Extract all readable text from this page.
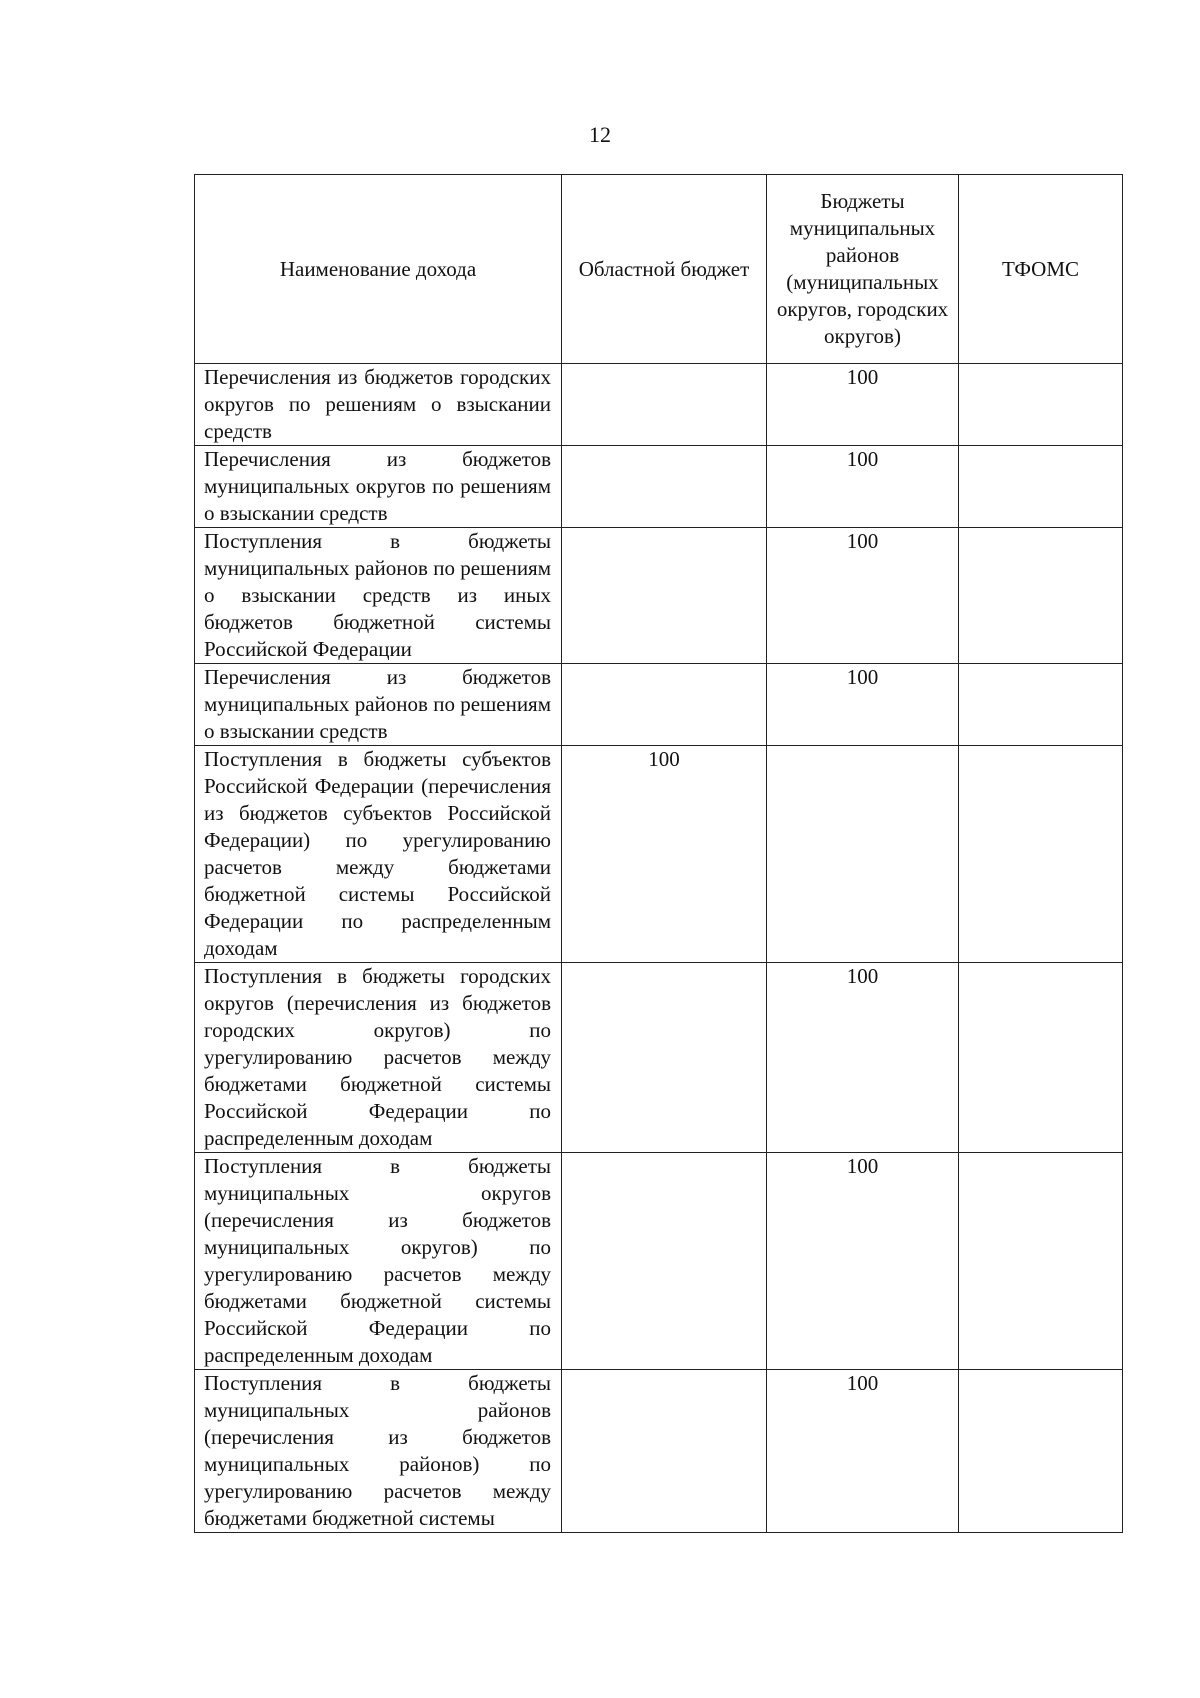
12
Наименование дохода	Областной бюджет	Бюджеты муниципальных районов (муниципальных округов, городских округов)	ТФОМС
Перечисления из бюджетов городских округов по решениям о взыскании средств		100	
Перечисления из бюджетов муниципальных округов по решениям о взыскании средств		100	
Поступления в бюджеты муниципальных районов по решениям о взыскании средств из иных бюджетов бюджетной системы Российской Федерации		100	
Перечисления из бюджетов муниципальных районов по решениям о взыскании средств		100	
Поступления в бюджеты субъектов Российской Федерации (перечисления из бюджетов субъектов Российской Федерации) по урегулированию расчетов между бюджетами бюджетной системы Российской Федерации по распределенным доходам	100		
Поступления в бюджеты городских округов (перечисления из бюджетов городских округов) по урегулированию расчетов между бюджетами бюджетной системы Российской Федерации по распределенным доходам		100	
Поступления в бюджеты муниципальных округов (перечисления из бюджетов муниципальных округов) по урегулированию расчетов между бюджетами бюджетной системы Российской Федерации по распределенным доходам		100	
Поступления в бюджеты муниципальных районов (перечисления из бюджетов муниципальных районов) по урегулированию расчетов между бюджетами бюджетной системы		100	
